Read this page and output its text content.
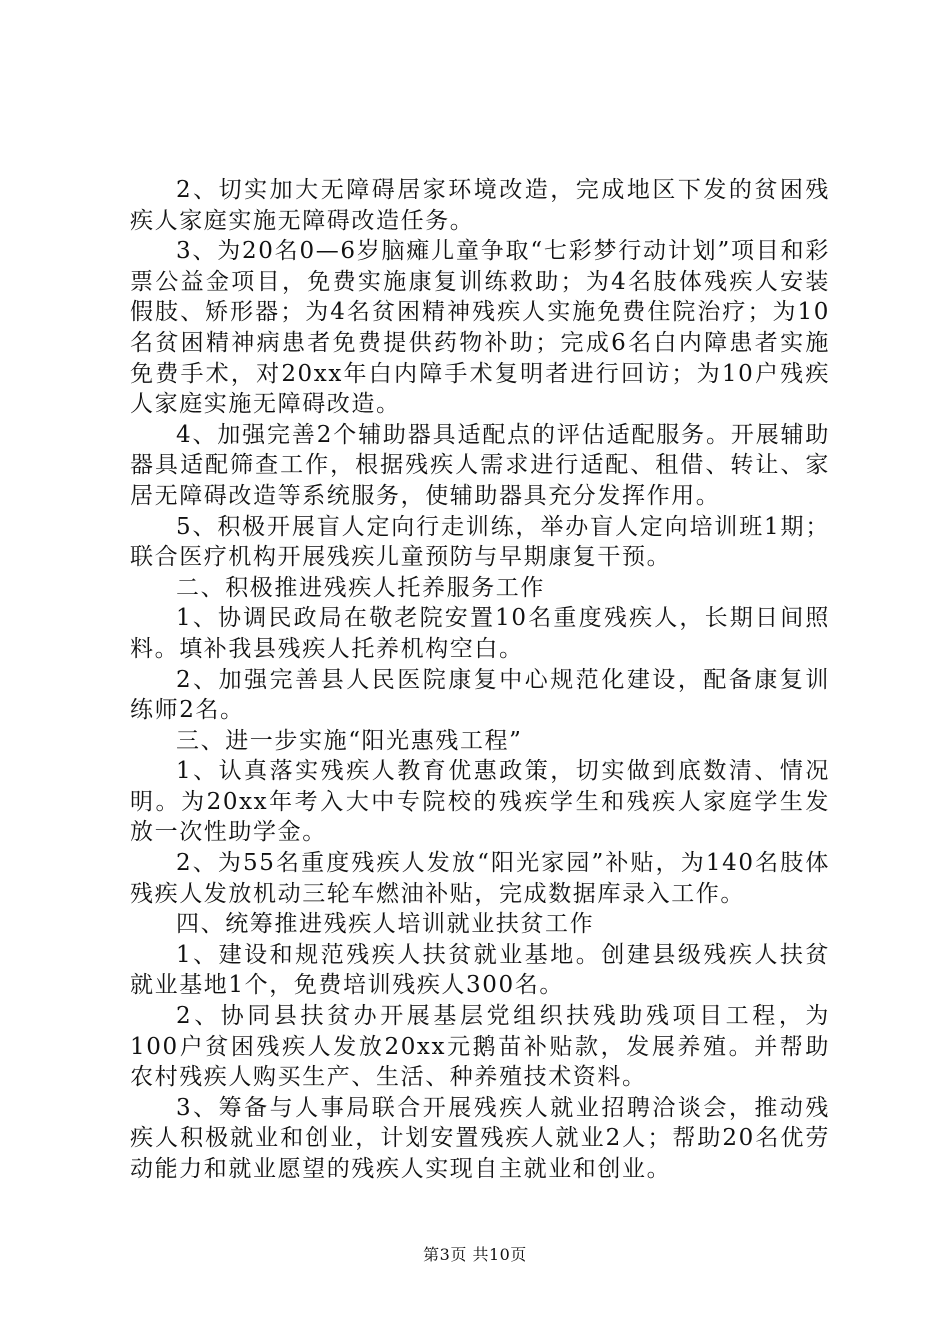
2、切实加大无障碍居家环境改造，完成地区下发的贫困残疾人家庭实施无障碍改造任务。

3、为20名0—6岁脑瘫儿童争取“七彩梦行动计划”项目和彩票公益金项目，免费实施康复训练救助；为4名肢体残疾人安装假肢、矫形器；为4名贫困精神残疾人实施免费住院治疗；为10名贫困精神病患者免费提供药物补助；完成6名白内障患者实施免费手术，对20xx年白内障手术复明者进行回访；为10户残疾人家庭实施无障碍改造。

4、加强完善2个辅助器具适配点的评估适配服务。开展辅助器具适配筛查工作，根据残疾人需求进行适配、租借、转让、家居无障碍改造等系统服务，使辅助器具充分发挥作用。

5、积极开展盲人定向行走训练，举办盲人定向培训班1期；联合医疗机构开展残疾儿童预防与早期康复干预。

二、积极推进残疾人托养服务工作

1、协调民政局在敬老院安置10名重度残疾人，长期日间照料。填补我县残疾人托养机构空白。

2、加强完善县人民医院康复中心规范化建设，配备康复训练师2名。

三、进一步实施“阳光惠残工程”

1、认真落实残疾人教育优惠政策，切实做到底数清、情况明。为20xx年考入大中专院校的残疾学生和残疾人家庭学生发放一次性助学金。

2、为55名重度残疾人发放“阳光家园”补贴，为140名肢体残疾人发放机动三轮车燃油补贴，完成数据库录入工作。

四、统筹推进残疾人培训就业扶贫工作

1、建设和规范残疾人扶贫就业基地。创建县级残疾人扶贫就业基地1个，免费培训残疾人300名。

2、协同县扶贫办开展基层党组织扶残助残项目工程，为100户贫困残疾人发放20xx元鹅苗补贴款，发展养殖。并帮助农村残疾人购买生产、生活、种养殖技术资料。

3、筹备与人事局联合开展残疾人就业招聘洽谈会，推动残疾人积极就业和创业，计划安置残疾人就业2人；帮助20名优劳动能力和就业愿望的残疾人实现自主就业和创业。

第3页 共10页
